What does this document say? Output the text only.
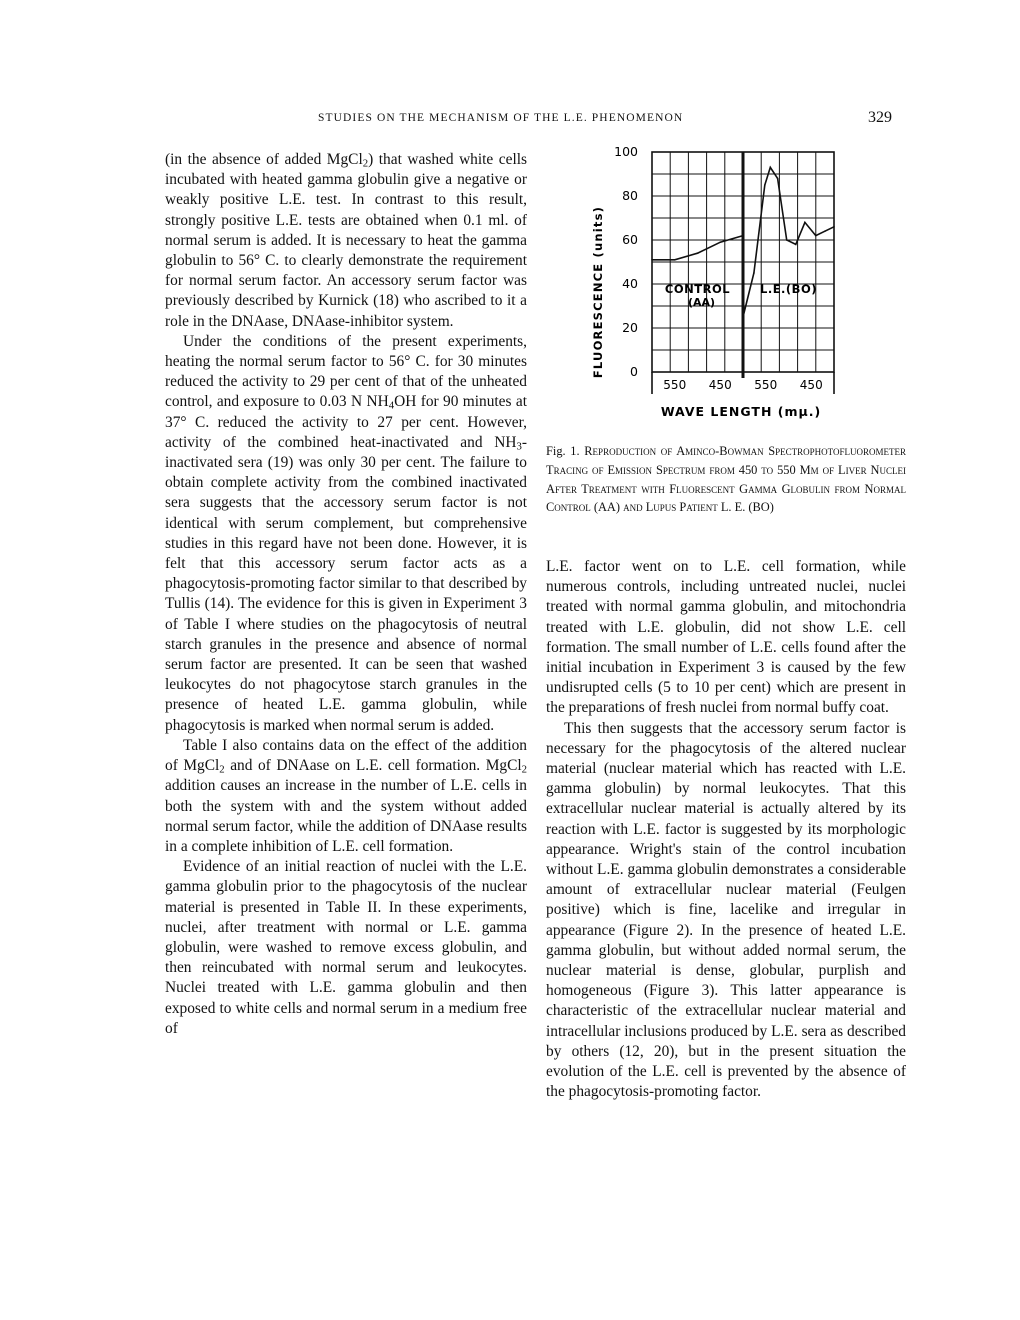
STUDIES ON THE MECHANISM OF THE L.E. PHENOMENON	329

(in the absence of added MgCl$_2$) that washed white cells incubated with heated gamma globulin give a negative or weakly positive L.E. test. In contrast to this result, strongly positive L.E. tests are obtained when 0.1 ml. of normal serum is added. It is necessary to heat the gamma globulin to 56° C. to clearly demonstrate the requirement for normal serum factor. An accessory serum factor was previously described by Kurnick (18) who ascribed to it a role in the DNAase, DNAase-inhibitor system.

Under the conditions of the present experiments, heating the normal serum factor to 56° C. for 30 minutes reduced the activity to 29 per cent of that of the unheated control, and exposure to 0.03 N $NH_4OH$ for 90 minutes at 37° C. reduced the activity to 27 per cent. However, activity of the combined heat-inactivated and $NH_3$-inactivated sera (19) was only 30 per cent. The failure to obtain complete activity from the combined inactivated sera suggests that the accessory serum factor is not identical with serum complement, but comprehensive studies in this regard have not been done. However, it is felt that this accessory serum factor acts as a phagocytosis-promoting factor similar to that described by Tullis (14). The evidence for this is given in Experiment 3 of Table I where studies on the phagocytosis of neutral starch granules in the presence and absence of normal serum factor are presented. It can be seen that washed leukocytes do not phagocytose starch granules in the presence of heated L.E. gamma globulin, while phagocytosis is marked when normal serum is added.

Table I also contains data on the effect of the addition of MgCl$_2$ and of DNAase on L.E. cell formation. MgCl$_2$ addition causes an increase in the number of L.E. cells in both the system with and the system without added normal serum factor, while the addition of DNAase results in a complete inhibition of L.E. cell formation.

Evidence of an initial reaction of nuclei with the L.E. gamma globulin prior to the phagocytosis of the nuclear material is presented in Table II. In these experiments, nuclei, after treatment with normal or L.E. gamma globulin, were washed to remove excess globulin, and then reincubated with normal serum and leukocytes. Nuclei treated with L.E. gamma globulin and then exposed to white cells and normal serum in a medium free of

FLUORESCENCE (units)
WAVE LENGTH (mμ.)
0
20
40
60
80
100
CONTROL
(AA)
550 450
L.E.(BO)
550 450
Fig. 1. Reproduction of Aminco-Bowman Spectrophotofluorometer Tracing of Emission Spectrum from 450 to 550 Mμ of Liver Nuclei After Treatment with Fluorescent Gamma Globulin from Normal Control (AA) and Lupus Patient L. E. (BO)

L.E. factor went on to L.E. cell formation, while numerous controls, including untreated nuclei, nuclei treated with normal gamma globulin, and mitochondria treated with L.E. globulin, did not show L.E. cell formation. The small number of L.E. cells found after the initial incubation in Experiment 3 is caused by the few undisrupted cells (5 to 10 per cent) which are present in the preparations of fresh nuclei from normal buffy coat.

This then suggests that the accessory serum factor is necessary for the phagocytosis of the altered nuclear material (nuclear material which has reacted with L.E. gamma globulin) by normal leukocytes. That this extracellular nuclear material is actually altered by its reaction with L.E. factor is suggested by its morphologic appearance. Wright's stain of the control incubation without L.E. gamma globulin demonstrates a considerable amount of extracellular nuclear material (Feulgen positive) which is fine, lacelike and irregular in appearance (Figure 2). In the presence of heated L.E. gamma globulin, but without added normal serum, the nuclear material is dense, globular, purplish and homogeneous (Figure 3). This latter appearance is characteristic of the extracellular nuclear material and intracellular inclusions produced by L.E. sera as described by others (12, 20), but in the present situation the evolution of the L.E. cell is prevented by the absence of the phagocytosis-promoting factor.
